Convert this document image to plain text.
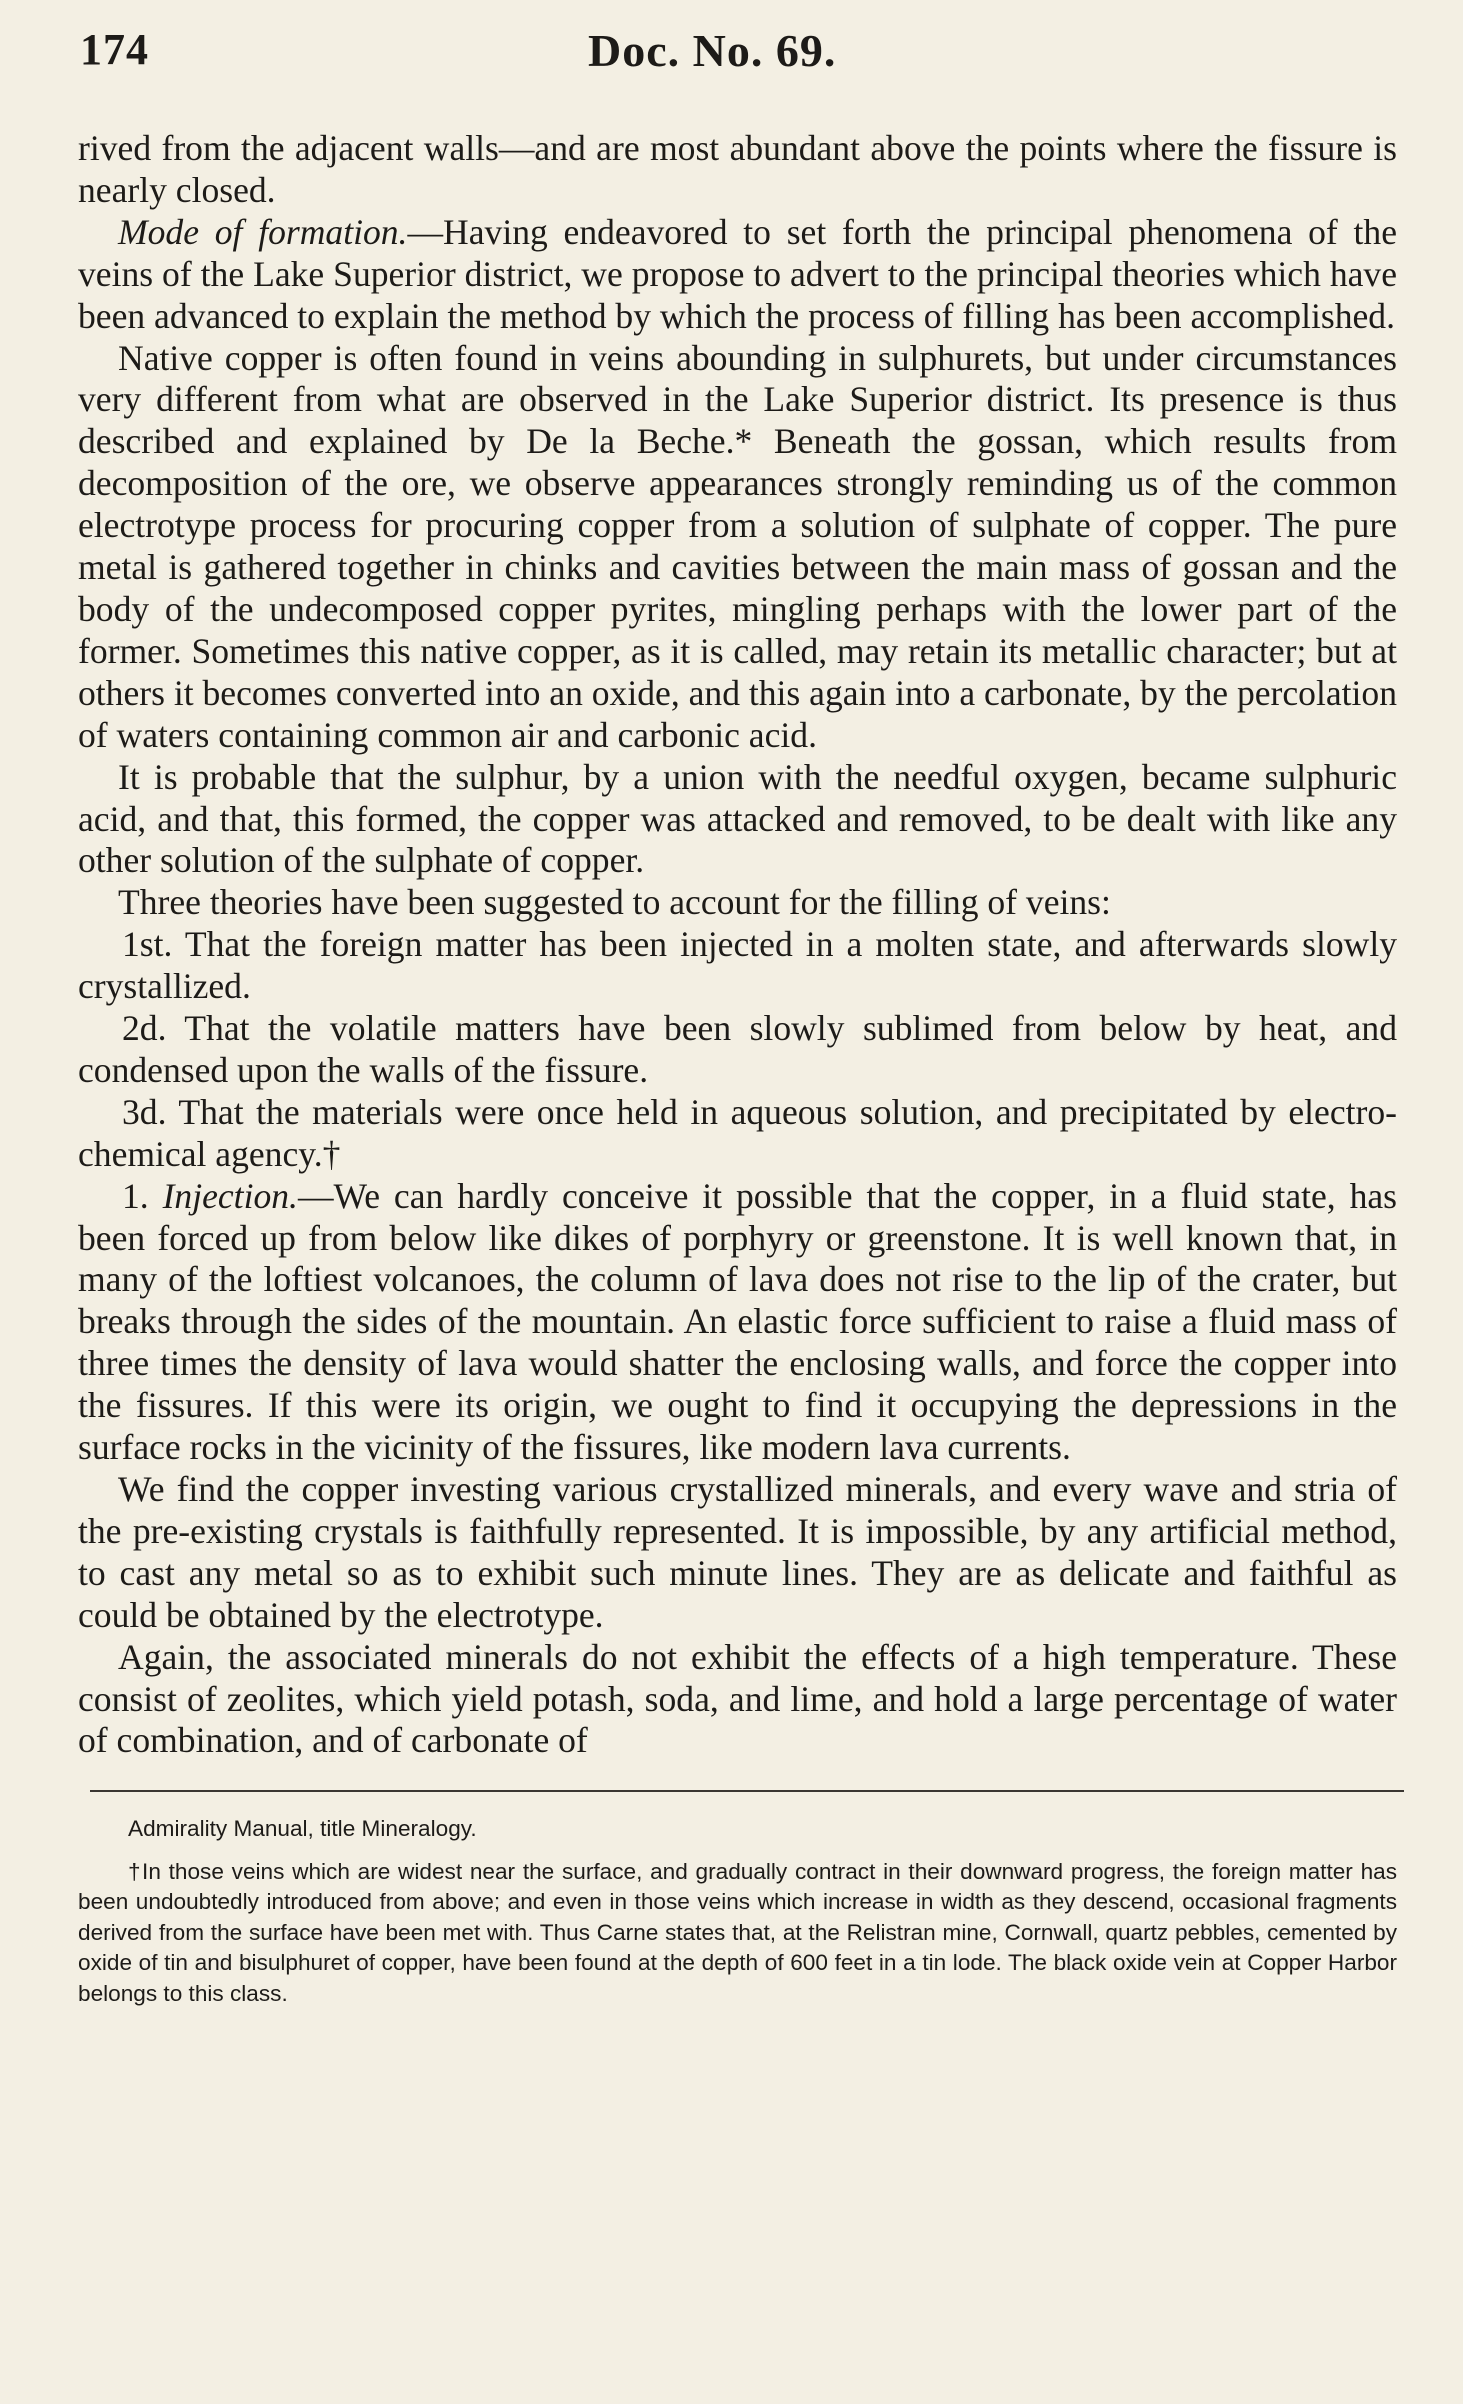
174	Doc. No. 69.

rived from the adjacent walls—and are most abundant above the points where the fissure is nearly closed.

Mode of formation.—Having endeavored to set forth the principal phenomena of the veins of the Lake Superior district, we propose to advert to the principal theories which have been advanced to explain the method by which the process of filling has been accomplished.

Native copper is often found in veins abounding in sulphurets, but under circumstances very different from what are observed in the Lake Superior district. Its presence is thus described and explained by De la Beche.* Beneath the gossan, which results from decomposition of the ore, we observe appearances strongly reminding us of the common electrotype process for procuring copper from a solution of sulphate of copper. The pure metal is gathered together in chinks and cavities between the main mass of gossan and the body of the undecomposed copper pyrites, mingling perhaps with the lower part of the former. Sometimes this native copper, as it is called, may retain its metallic character; but at others it becomes converted into an oxide, and this again into a carbonate, by the percolation of waters containing common air and carbonic acid.

It is probable that the sulphur, by a union with the needful oxygen, became sulphuric acid, and that, this formed, the copper was attacked and removed, to be dealt with like any other solution of the sulphate of copper.

Three theories have been suggested to account for the filling of veins:

1st. That the foreign matter has been injected in a molten state, and afterwards slowly crystallized.

2d. That the volatile matters have been slowly sublimed from below by heat, and condensed upon the walls of the fissure.

3d. That the materials were once held in aqueous solution, and precipitated by electro-chemical agency.†

1. Injection.—We can hardly conceive it possible that the copper, in a fluid state, has been forced up from below like dikes of porphyry or greenstone. It is well known that, in many of the loftiest volcanoes, the column of lava does not rise to the lip of the crater, but breaks through the sides of the mountain. An elastic force sufficient to raise a fluid mass of three times the density of lava would shatter the enclosing walls, and force the copper into the fissures. If this were its origin, we ought to find it occupying the depressions in the surface rocks in the vicinity of the fissures, like modern lava currents.

We find the copper investing various crystallized minerals, and every wave and stria of the pre-existing crystals is faithfully represented. It is impossible, by any artificial method, to cast any metal so as to exhibit such minute lines. They are as delicate and faithful as could be obtained by the electrotype.

Again, the associated minerals do not exhibit the effects of a high temperature. These consist of zeolites, which yield potash, soda, and lime, and hold a large percentage of water of combination, and of carbonate of

Admirality Manual, title Mineralogy.

†In those veins which are widest near the surface, and gradually contract in their downward progress, the foreign matter has been undoubtedly introduced from above; and even in those veins which increase in width as they descend, occasional fragments derived from the surface have been met with. Thus Carne states that, at the Relistran mine, Cornwall, quartz pebbles, cemented by oxide of tin and bisulphuret of copper, have been found at the depth of 600 feet in a tin lode. The black oxide vein at Copper Harbor belongs to this class.
